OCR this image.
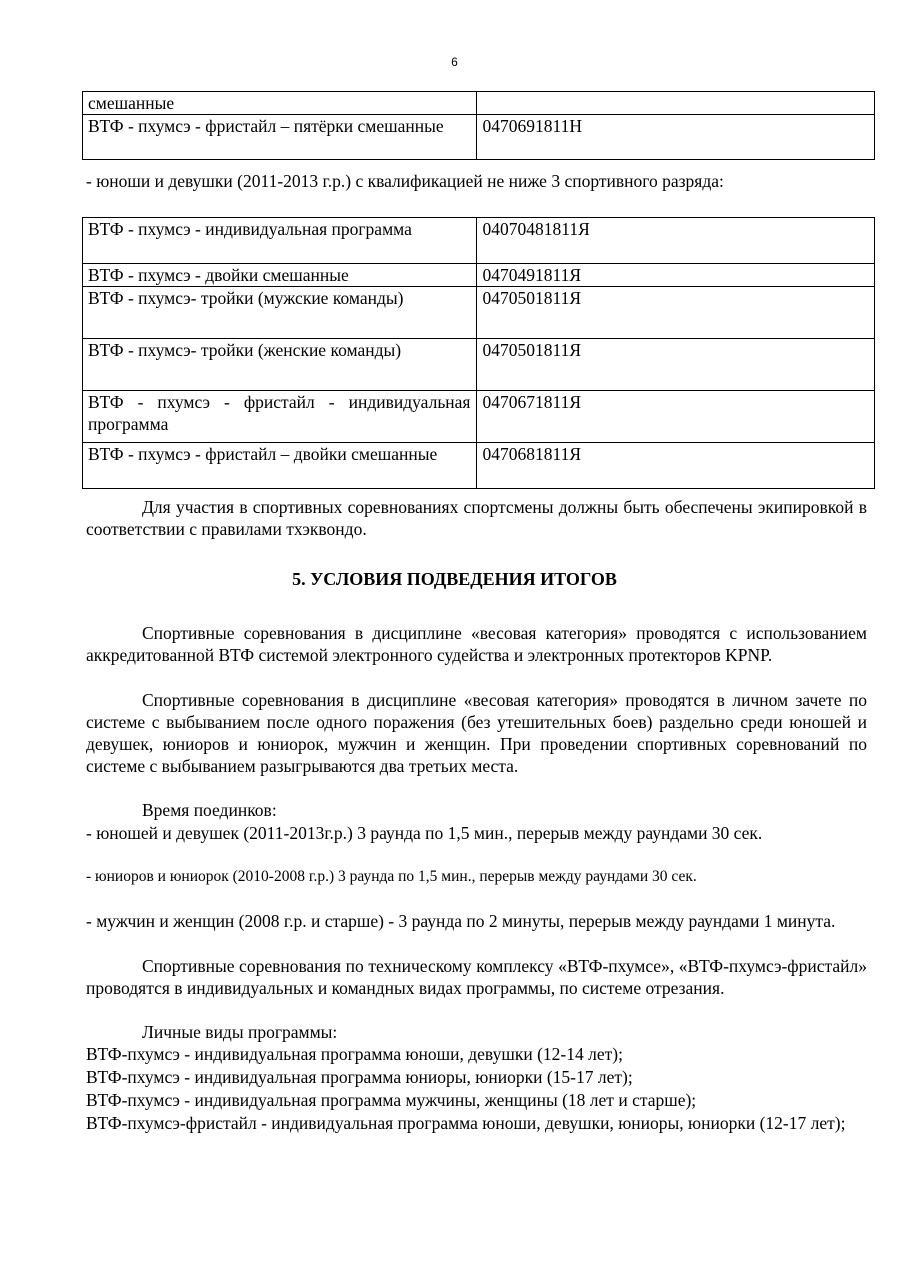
6
смешанные	
ВТФ - пхумсэ - фристайл – пятёрки смешанные	0470691811Н
- юноши и девушки (2011-2013 г.р.) с квалификацией не ниже 3 спортивного разряда:
ВТФ - пхумсэ - индивидуальная программа	04070481811Я
ВТФ - пхумсэ - двойки смешанные	0470491811Я
ВТФ - пхумсэ- тройки (мужские команды)	0470501811Я
ВТФ - пхумсэ- тройки (женские команды)	0470501811Я
ВТФ - пхумсэ - фристайл - индивидуальная программа	0470671811Я
ВТФ - пхумсэ - фристайл – двойки смешанные	0470681811Я
Для участия в спортивных соревнованиях спортсмены должны быть обеспечены экипировкой в соответствии с правилами тхэквондо.
5. УСЛОВИЯ ПОДВЕДЕНИЯ ИТОГОВ
Спортивные соревнования в дисциплине «весовая категория» проводятся с использованием аккредитованной ВТФ системой электронного судейства и электронных протекторов KPNP.
Спортивные соревнования в дисциплине «весовая категория» проводятся в личном зачете по системе с выбыванием после одного поражения (без утешительных боев) раздельно среди юношей и девушек, юниоров и юниорок, мужчин и женщин. При проведении спортивных соревнований по системе с выбыванием разыгрываются два третьих места.
Время поединков:
- юношей и девушек (2011-2013г.р.) 3 раунда по 1,5 мин., перерыв между раундами 30 сек.
- юниоров и юниорок (2010-2008 г.р.) 3 раунда по 1,5 мин., перерыв между раундами 30 сек.
- мужчин и женщин (2008 г.р. и старше) - 3 раунда по 2 минуты, перерыв между раундами 1 минута.
Спортивные соревнования по техническому комплексу «ВТФ-пхумсе», «ВТФ-пхумсэ-фристайл» проводятся в индивидуальных и командных видах программы, по системе отрезания.
Личные виды программы:
ВТФ-пхумсэ - индивидуальная программа юноши, девушки (12-14 лет);
ВТФ-пхумсэ - индивидуальная программа юниоры, юниорки (15-17 лет);
ВТФ-пхумсэ - индивидуальная программа мужчины, женщины (18 лет и старше);
ВТФ-пхумсэ-фристайл - индивидуальная программа юноши, девушки, юниоры, юниорки (12-17 лет);
